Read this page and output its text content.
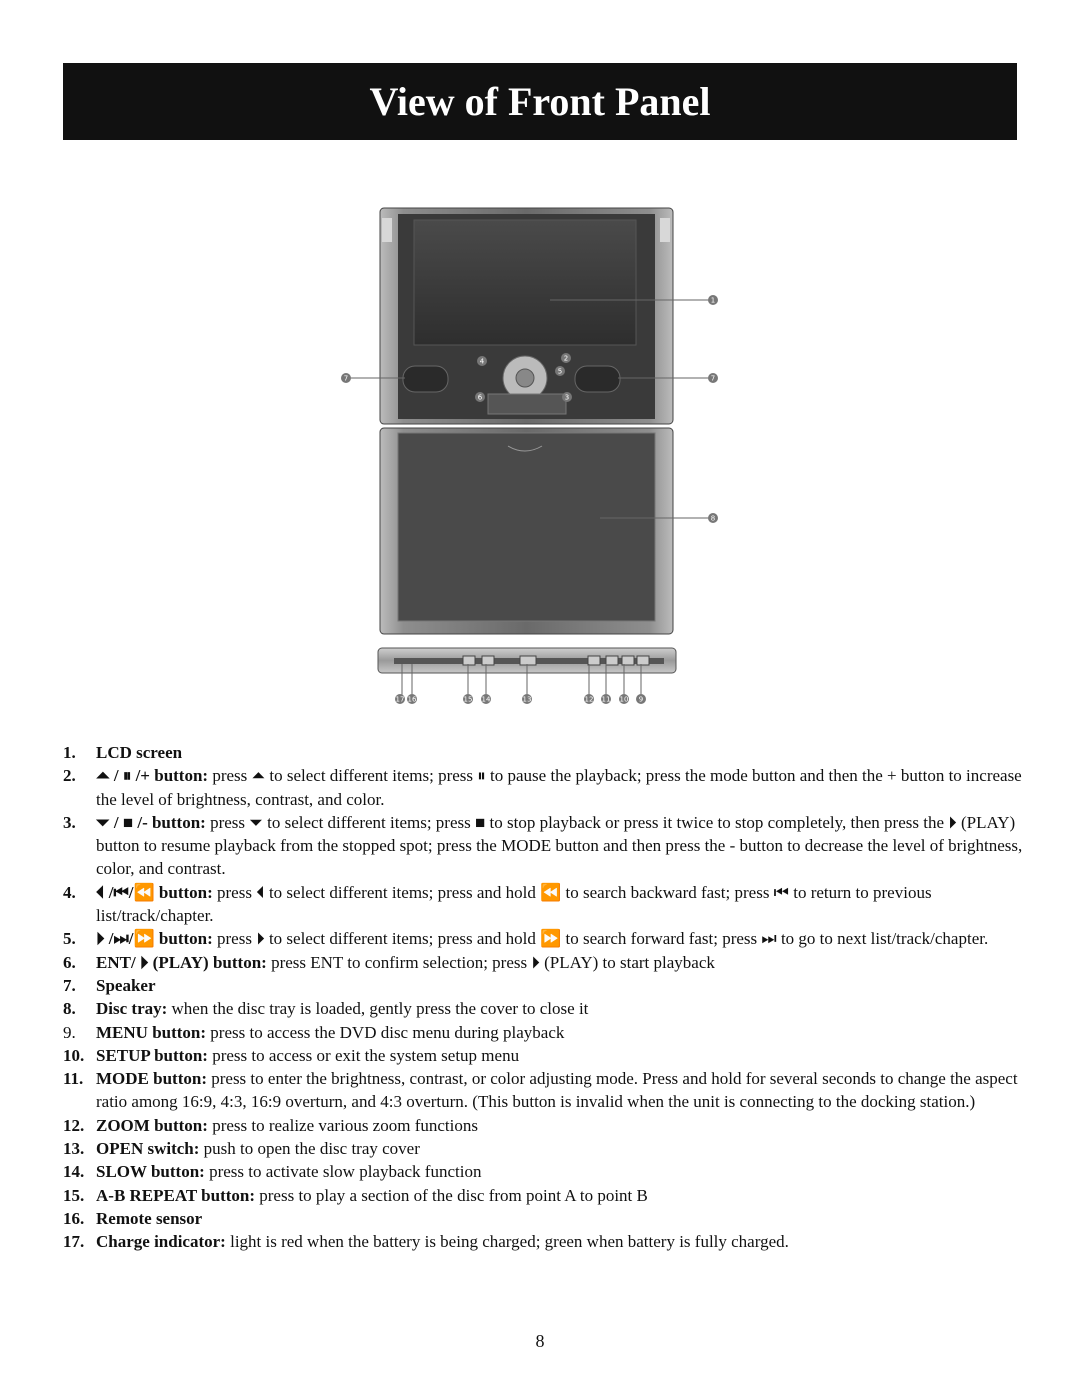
View of Front Panel
1
2
5
3
4
6
7	7
8
17 16	15 14	13	12 11 10 9
1. LCD screen
2. ⏶ / ⏸ /+ button: press ⏶ to select different items; press ⏸ to pause the playback; press the mode button and then the + button to increase the level of brightness, contrast, and color.
3. ⏷ / ■ /- button: press ⏷ to select different items; press ■ to stop playback or press it twice to stop completely, then press the ⏵ (PLAY) button to resume playback from the stopped spot; press the MODE button and then press the - button to decrease the level of brightness, color, and contrast.
4. ⏴ /⏮/⏪ button: press ⏴ to select different items; press and hold ⏪ to search backward fast; press ⏮ to return to previous list/track/chapter.
5. ⏵ /⏭/⏩ button: press ⏵ to select different items; press and hold ⏩ to search forward fast; press ⏭ to go to next list/track/chapter.
6. ENT/ ⏵ (PLAY) button: press ENT to confirm selection; press ⏵ (PLAY) to start playback
7. Speaker
8. Disc tray: when the disc tray is loaded, gently press the cover to close it
9. MENU button: press to access the DVD disc menu during playback
10. SETUP button: press to access or exit the system setup menu
11. MODE button: press to enter the brightness, contrast, or color adjusting mode. Press and hold for several seconds to change the aspect ratio among 16:9, 4:3, 16:9 overturn, and 4:3 overturn. (This button is invalid when the unit is connecting to the docking station.)
12. ZOOM button: press to realize various zoom functions
13. OPEN switch: push to open the disc tray cover
14. SLOW button: press to activate slow playback function
15. A-B REPEAT button: press to play a section of the disc from point A to point B
16. Remote sensor
17. Charge indicator: light is red when the battery is being charged; green when battery is fully charged.
8
